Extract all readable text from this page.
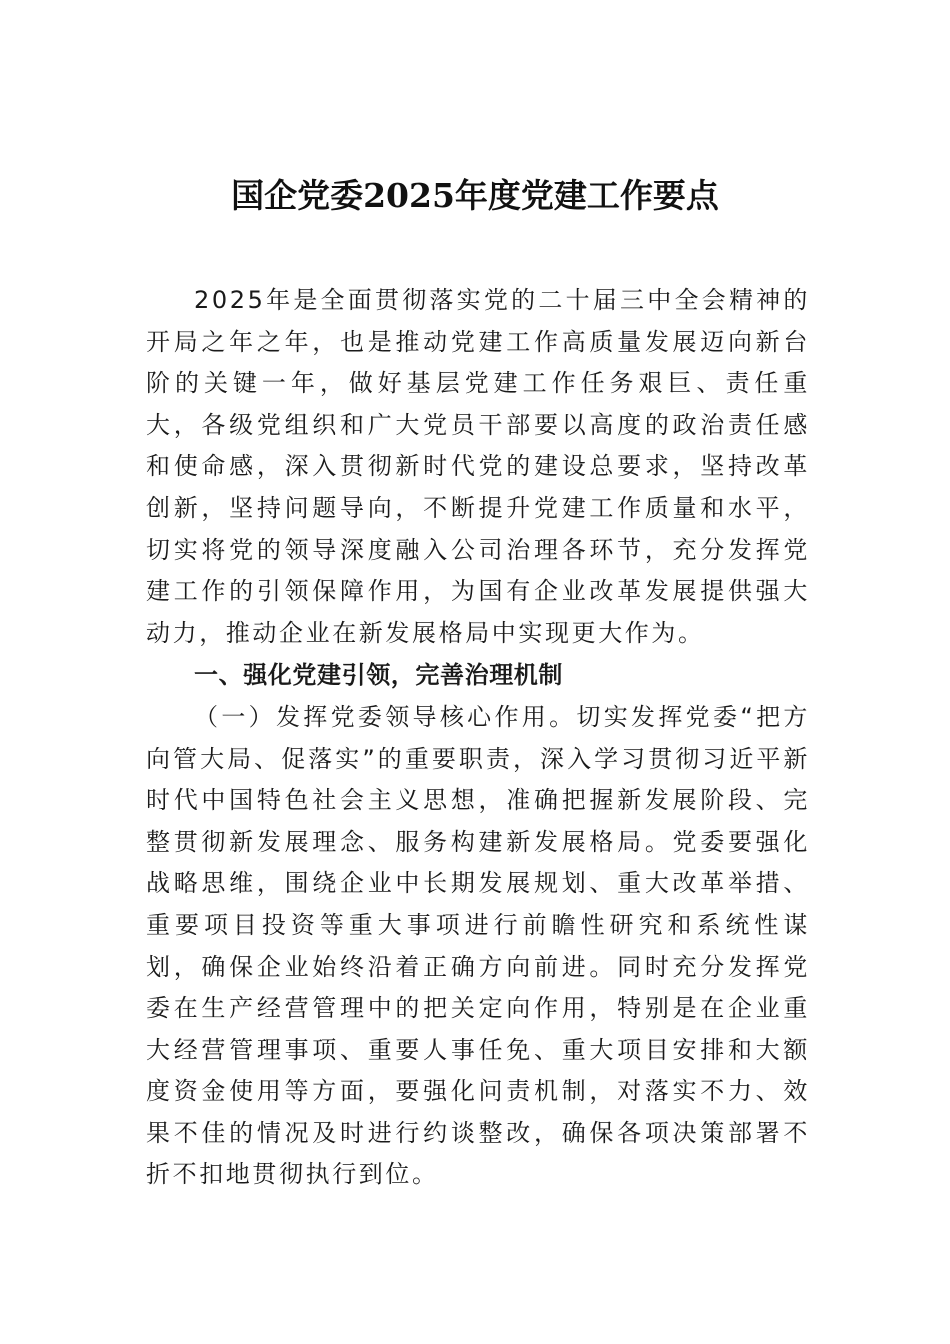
国企党委2025年度党建工作要点

2025年是全面贯彻落实党的二十届三中全会精神的开局之年之年，也是推动党建工作高质量发展迈向新台阶的关键一年，做好基层党建工作任务艰巨、责任重大，各级党组织和广大党员干部要以高度的政治责任感和使命感，深入贯彻新时代党的建设总要求，坚持改革创新，坚持问题导向，不断提升党建工作质量和水平，切实将党的领导深度融入公司治理各环节，充分发挥党建工作的引领保障作用，为国有企业改革发展提供强大动力，推动企业在新发展格局中实现更大作为。

一、强化党建引领，完善治理机制

（一）发挥党委领导核心作用。切实发挥党委“把方向管大局、促落实”的重要职责，深入学习贯彻习近平新时代中国特色社会主义思想，准确把握新发展阶段、完整贯彻新发展理念、服务构建新发展格局。党委要强化战略思维，围绕企业中长期发展规划、重大改革举措、重要项目投资等重大事项进行前瞻性研究和系统性谋划，确保企业始终沿着正确方向前进。同时充分发挥党委在生产经营管理中的把关定向作用，特别是在企业重大经营管理事项、重要人事任免、重大项目安排和大额度资金使用等方面，要强化问责机制，对落实不力、效果不佳的情况及时进行约谈整改，确保各项决策部署不折不扣地贯彻执行到位。
